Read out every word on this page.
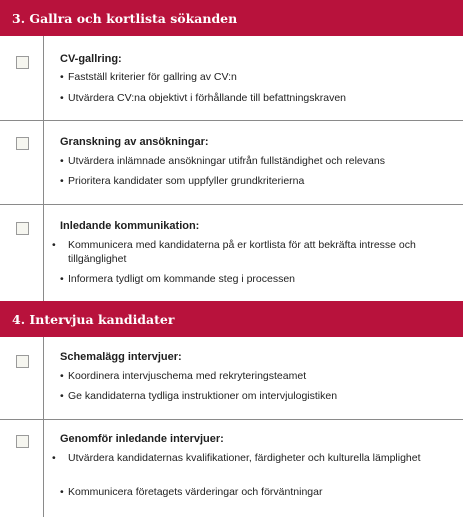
3. Gallra och kortlista sökanden
CV-gallring:
• Fastställ kriterier för gallring av CV:n
• Utvärdera CV:na objektivt i förhållande till befattningskraven
Granskning av ansökningar:
• Utvärdera inlämnade ansökningar utifrån fullständighet och relevans
• Prioritera kandidater som uppfyller grundkriterierna
Inledande kommunikation:
• Kommunicera med kandidaterna på er kortlista för att bekräfta intresse och tillgänglighet
• Informera tydligt om kommande steg i processen
4. Intervjua kandidater
Schemalägg intervjuer:
• Koordinera intervjuschema med rekryteringsteamet
• Ge kandidaterna tydliga instruktioner om intervjulogistiken
Genomför inledande intervjuer:
• Utvärdera kandidaternas kvalifikationer, färdigheter och kulturella lämplighet
• Kommunicera företagets värderingar och förväntningar
